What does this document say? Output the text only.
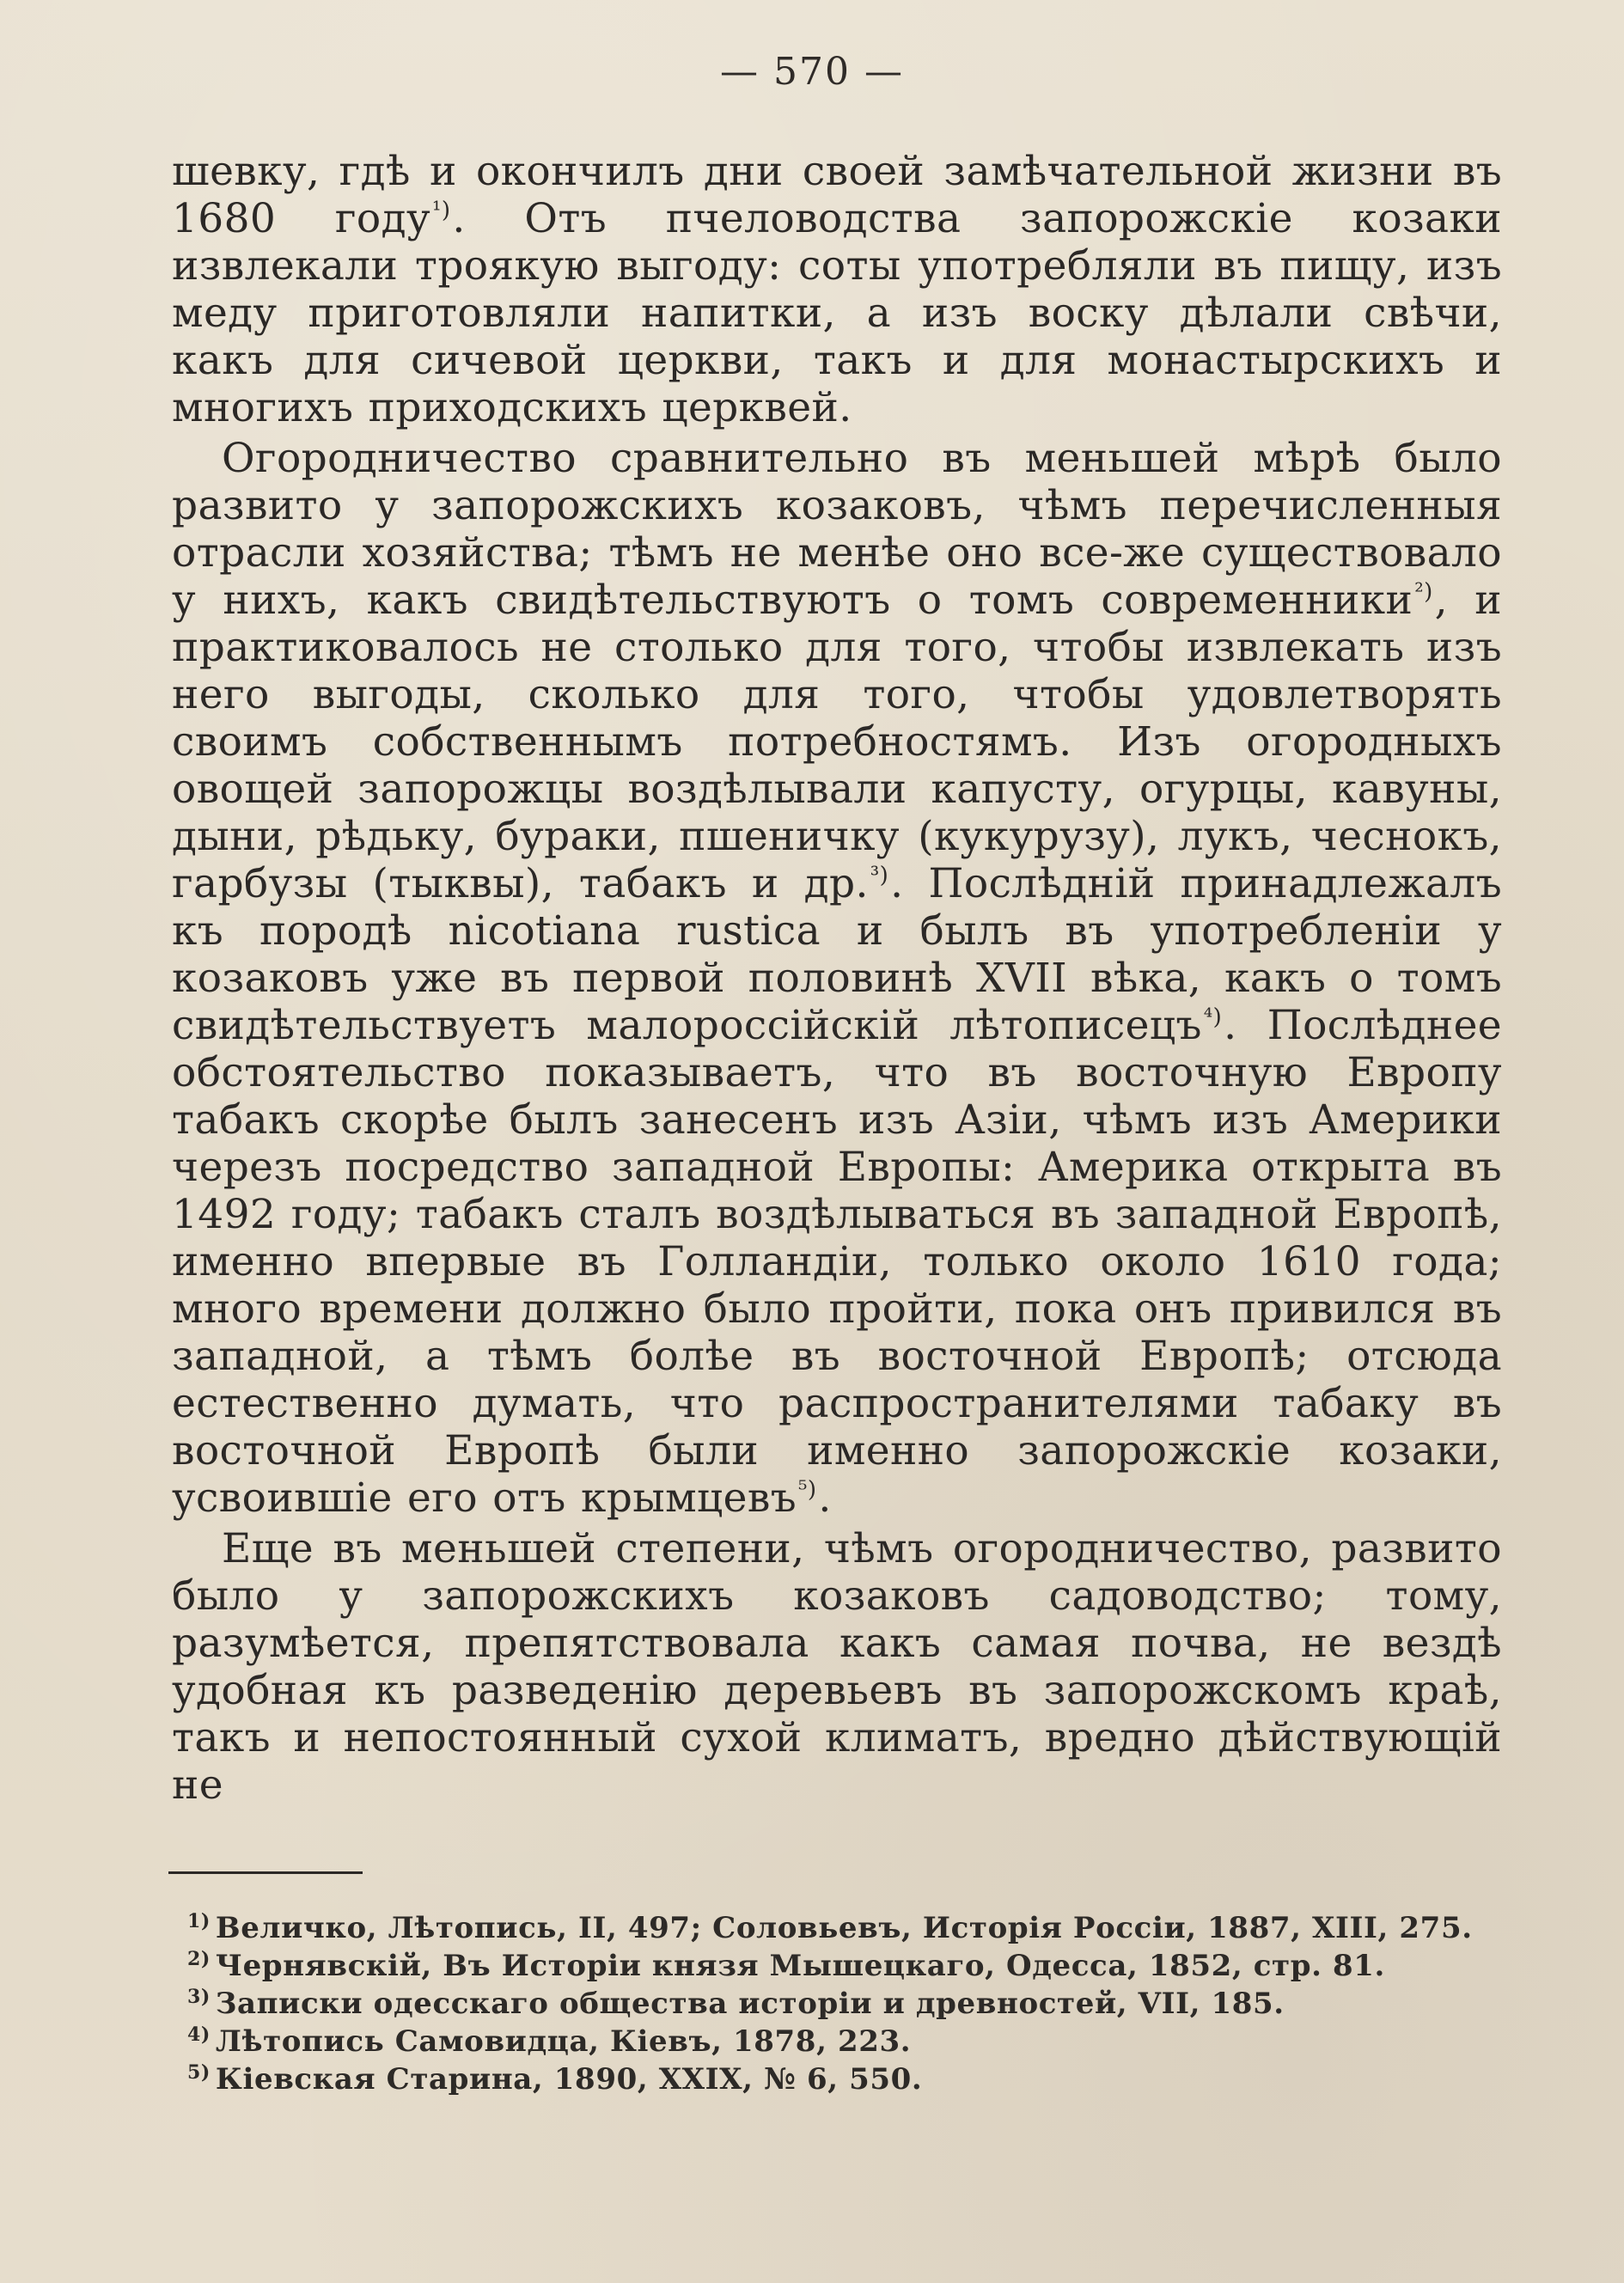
— 570 —

шевку, гдѣ и окончилъ дни своей замѣчательной жизни въ 1680 году$^{^1)}$. Отъ пчеловодства запорожскіе козаки извлекали троякую выгоду: соты употребляли въ пищу, изъ меду приготовляли напитки, а изъ воску дѣлали свѣчи, какъ для сичевой церкви, такъ и для монастырскихъ и многихъ приходскихъ церквей.

Огородничество сравнительно въ меньшей мѣрѣ было развито у запорожскихъ козаковъ, чѣмъ перечисленныя отрасли хозяйства; тѣмъ не менѣе оно все-же существовало у нихъ, какъ свидѣтельствуютъ о томъ современники$^{^2)}$, и практиковалось не столько для того, чтобы извлекать изъ него выгоды, сколько для того, чтобы удовлетворять своимъ собственнымъ потребностямъ. Изъ огородныхъ овощей запорожцы воздѣлывали капусту, огурцы, кавуны, дыни, рѣдьку, бураки, пшеничку (кукурузу), лукъ, чеснокъ, гарбузы (тыквы), табакъ и др.$^{^3)}$. Послѣдній принадлежалъ къ породѣ nicotiana rustica и былъ въ употребленіи у козаковъ уже въ первой половинѣ XVII вѣка, какъ о томъ свидѣтельствуетъ малороссійскій лѣтописецъ$^{^4)}$. Послѣднее обстоятельство показываетъ, что въ восточную Европу табакъ скорѣе былъ занесенъ изъ Азіи, чѣмъ изъ Америки черезъ посредство западной Европы: Америка открыта въ 1492 году; табакъ сталъ воздѣлываться въ западной Европѣ, именно впервые въ Голландіи, только около 1610 года; много времени должно было пройти, пока онъ привился въ западной, а тѣмъ болѣе въ восточной Европѣ; отсюда естественно думать, что распространителями табаку въ восточной Европѣ были именно запорожскіе козаки, усвоившіе его отъ крымцевъ$^{^5)}$.

Еще въ меньшей степени, чѣмъ огородничество, развито было у запорожскихъ козаковъ садоводство; тому, разумѣется, препятствовала какъ самая почва, не вездѣ удобная къ разведенію деревьевъ въ запорожскомъ краѣ, такъ и непостоянный сухой климатъ, вредно дѣйствующій не

$^{1)}$ Величко, Лѣтопись, II, 497; Соловьевъ, Исторія Россіи, 1887, XIII, 275.
$^{2)}$ Чернявскій, Въ Исторіи князя Мышецкаго, Одесса, 1852, стр. 81.
$^{3)}$ Записки одесскаго общества исторіи и древностей, VII, 185.
$^{4)}$ Лѣтопись Самовидца, Кіевъ, 1878, 223.
$^{5)}$ Кіевская Старина, 1890, XXIX, № 6, 550.
